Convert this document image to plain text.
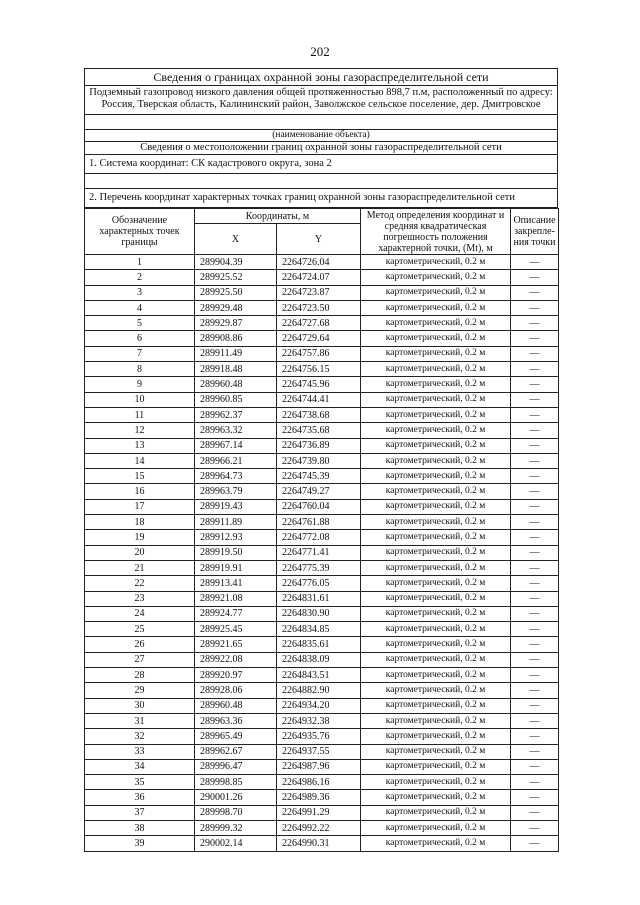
202
Сведения о границах охранной зоны газораспределительной сети
Подземный газопровод низкого давления общей протяженностью 898,7 п.м, расположенный по адресу: Россия, Тверская область, Калининский район, Заволжское сельское поселение, дер. Дмитровское
(наименование объекта)
Сведения о местоположении границ охранной зоны газораспределительной сети
1. Система координат: СК кадастрового округа, зона 2
2. Перечень координат характерных точках границ охранной зоны газораспределительной сети
Обозначение характерных точек границы	Координаты, м		Метод определения координат и средняя квадратическая погрешность положения характерной точки, (Mt), м	Описание закрепле-ния точки
	X	Y		
1	289904.39	2264726.04	картометрический, 0.2 м	—
2	289925.52	2264724.07	картометрический, 0.2 м	—
3	289925.50	2264723.87	картометрический, 0.2 м	—
4	289929.48	2264723.50	картометрический, 0.2 м	—
5	289929.87	2264727.68	картометрический, 0.2 м	—
6	289908.86	2264729.64	картометрический, 0.2 м	—
7	289911.49	2264757.86	картометрический, 0.2 м	—
8	289918.48	2264756.15	картометрический, 0.2 м	—
9	289960.48	2264745.96	картометрический, 0.2 м	—
10	289960.85	2264744.41	картометрический, 0.2 м	—
11	289962.37	2264738.68	картометрический, 0.2 м	—
12	289963.32	2264735.68	картометрический, 0.2 м	—
13	289967.14	2264736.89	картометрический, 0.2 м	—
14	289966.21	2264739.80	картометрический, 0.2 м	—
15	289964.73	2264745.39	картометрический, 0.2 м	—
16	289963.79	2264749.27	картометрический, 0.2 м	—
17	289919.43	2264760.04	картометрический, 0.2 м	—
18	289911.89	2264761.88	картометрический, 0.2 м	—
19	289912.93	2264772.08	картометрический, 0.2 м	—
20	289919.50	2264771.41	картометрический, 0.2 м	—
21	289919.91	2264775.39	картометрический, 0.2 м	—
22	289913.41	2264776.05	картометрический, 0.2 м	—
23	289921.08	2264831.61	картометрический, 0.2 м	—
24	289924.77	2264830.90	картометрический, 0.2 м	—
25	289925.45	2264834.85	картометрический, 0.2 м	—
26	289921.65	2264835.61	картометрический, 0.2 м	—
27	289922.08	2264838.09	картометрический, 0.2 м	—
28	289920.97	2264843.51	картометрический, 0.2 м	—
29	289928.06	2264882.90	картометрический, 0.2 м	—
30	289960.48	2264934.20	картометрический, 0.2 м	—
31	289963.36	2264932.38	картометрический, 0.2 м	—
32	289965.49	2264935.76	картометрический, 0.2 м	—
33	289962.67	2264937.55	картометрический, 0.2 м	—
34	289996.47	2264987.96	картометрический, 0.2 м	—
35	289998.85	2264986.16	картометрический, 0.2 м	—
36	290001.26	2264989.36	картометрический, 0.2 м	—
37	289998.70	2264991.29	картометрический, 0.2 м	—
38	289999.32	2264992.22	картометрический, 0.2 м	—
39	290002.14	2264990.31	картометрический, 0.2 м	—
